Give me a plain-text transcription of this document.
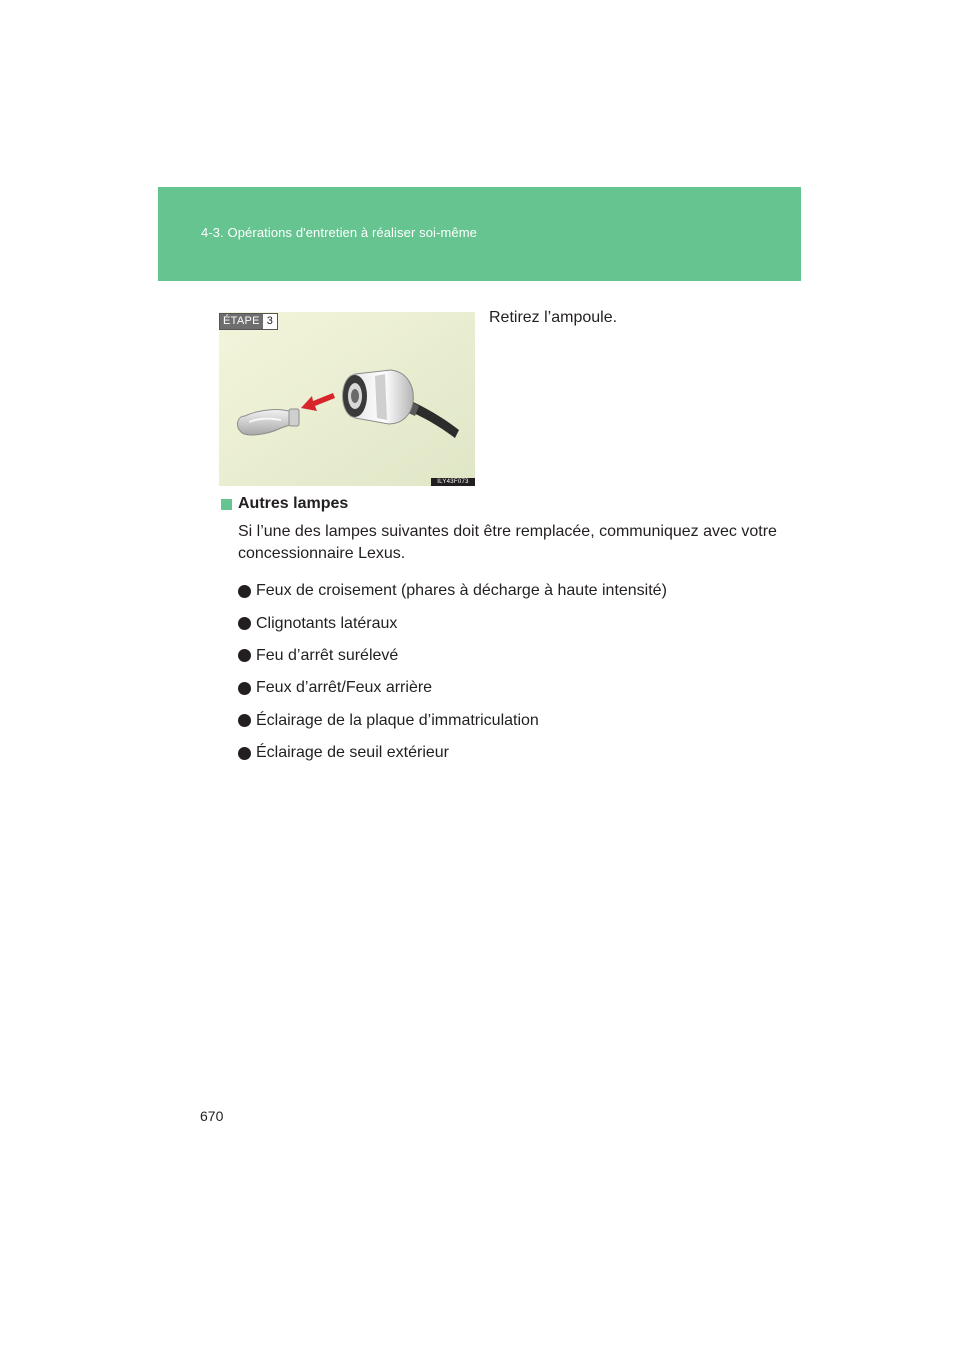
4-3. Opérations d'entretien à réaliser soi-même
ÉTAPE 3
ILY43F073
Retirez l’ampoule.
Autres lampes

Si l’une des lampes suivantes doit être remplacée, communiquez avec votre concessionnaire Lexus.

Feux de croisement (phares à décharge à haute intensité)
Clignotants latéraux
Feu d’arrêt surélevé
Feux d’arrêt/Feux arrière
Éclairage de la plaque d’immatriculation
Éclairage de seuil extérieur
670
